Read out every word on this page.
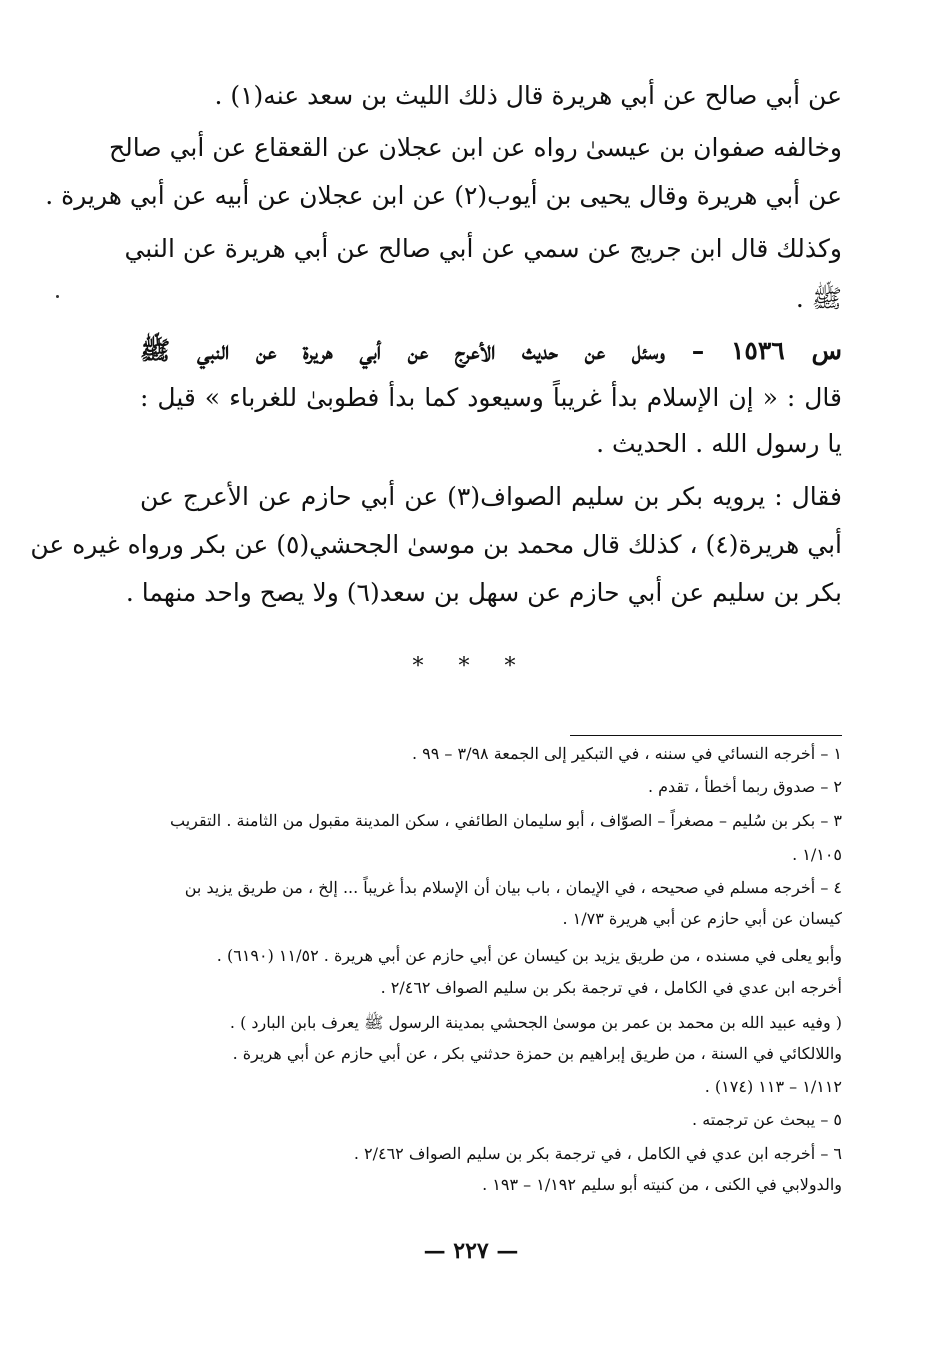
عن أبي صالح عن أبي هريرة قال ذلك الليث بن سعد عنه(١) .
وخالفه صفوان بن عيسىٰ رواه عن ابن عجلان عن القعقاع عن أبي صالح
عن أبي هريرة وقال يحيى بن أيوب(٢) عن ابن عجلان عن أبيه عن أبي هريرة .
وكذلك قال ابن جريج عن سمي عن أبي صالح عن أبي هريرة عن النبي
ﷺ .
س ١٥٣٦ – وسئل عن حديث الأعرج عن أبي هريرة عن النبي ﷺ
قال : « إن الإسلام بدأ غريباً وسيعود كما بدأ فطوبىٰ للغرباء » قيل :
يا رسول الله . الحديث .
فقال : يرويه بكر بن سليم الصواف(٣) عن أبي حازم عن الأعرج عن
أبي هريرة(٤) ، كذلك قال محمد بن موسىٰ الجحشي(٥) عن بكر ورواه غيره عن
بكر بن سليم عن أبي حازم عن سهل بن سعد(٦) ولا يصح واحد منهما .
* * *
١ – أخرجه النسائي في سننه ، في التبكير إلى الجمعة ٣/٩٨ – ٩٩ .
٢ – صدوق ربما أخطأ ، تقدم .
٣ – بكر بن سُليم – مصغراً – الصوّاف ، أبو سليمان الطائفي ، سكن المدينة مقبول من الثامنة . التقريب
١/١٠٥ .
٤ – أخرجه مسلم في صحيحه ، في الإيمان ، باب بيان أن الإسلام بدأ غريباً ... إلخ ، من طريق يزيد بن
كيسان عن أبي حازم عن أبي هريرة ١/٧٣ .
وأبو يعلى في مسنده ، من طريق يزيد بن كيسان عن أبي حازم عن أبي هريرة . ١١/٥٢ (٦١٩٠) .
أخرجه ابن عدي في الكامل ، في ترجمة بكر بن سليم الصواف ٢/٤٦٢ .
( وفيه عبيد الله بن محمد بن عمر بن موسىٰ الجحشي بمدينة الرسول ﷺ يعرف بابن البارد ) .
واللالكائي في السنة ، من طريق إبراهيم بن حمزة حدثني بكر ، عن أبي حازم عن أبي هريرة .
١/١١٢ – ١١٣ (١٧٤) .
٥ – يبحث عن ترجمته .
٦ – أخرجه ابن عدي في الكامل ، في ترجمة بكر بن سليم الصواف ٢/٤٦٢ .
والدولابي في الكنى ، من كنيته أبو سليم ١/١٩٢ – ١٩٣ .
— ٢٢٧ —
